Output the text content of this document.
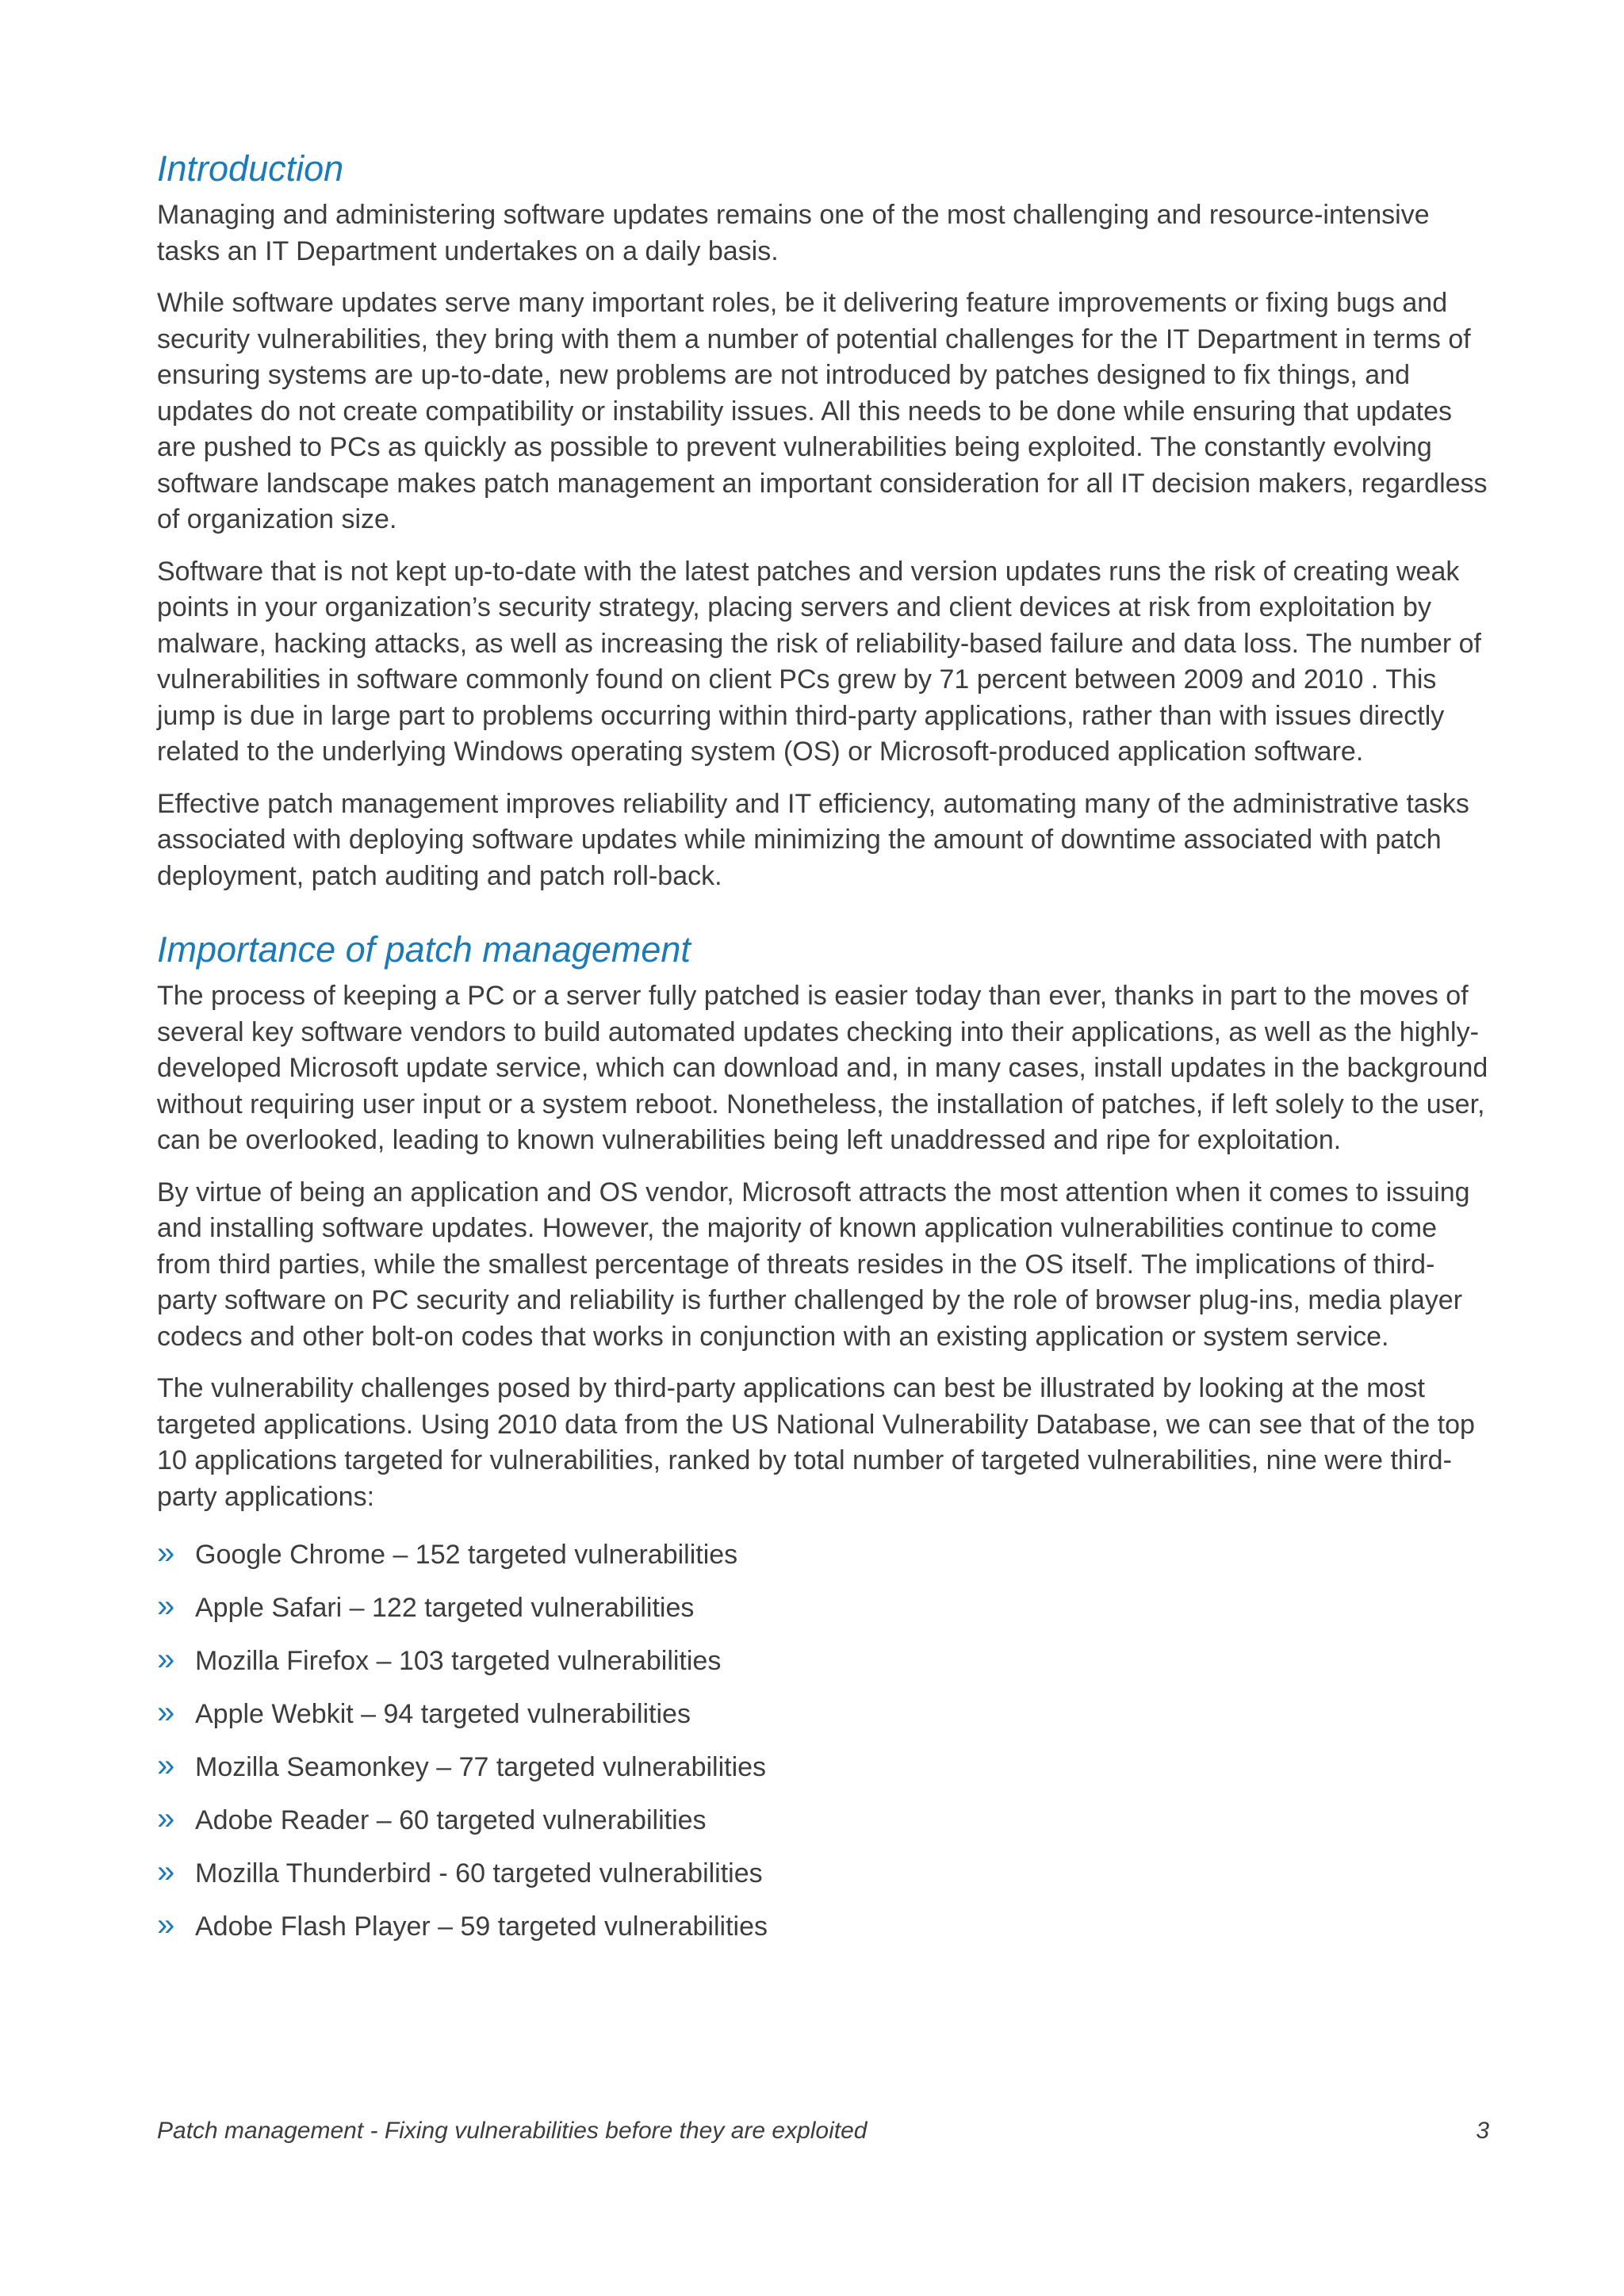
Introduction

Managing and administering software updates remains one of the most challenging and resource-intensive tasks an IT Department undertakes on a daily basis.

While software updates serve many important roles, be it delivering feature improvements or fixing bugs and security vulnerabilities, they bring with them a number of potential challenges for the IT Department in terms of ensuring systems are up-to-date, new problems are not introduced by patches designed to fix things, and updates do not create compatibility or instability issues. All this needs to be done while ensuring that updates are pushed to PCs as quickly as possible to prevent vulnerabilities being exploited. The constantly evolving software landscape makes patch management an important consideration for all IT decision makers, regardless of organization size.

Software that is not kept up-to-date with the latest patches and version updates runs the risk of creating weak points in your organization’s security strategy, placing servers and client devices at risk from exploitation by malware, hacking attacks, as well as increasing the risk of reliability-based failure and data loss. The number of vulnerabilities in software commonly found on client PCs grew by 71 percent between 2009 and 2010 . This jump is due in large part to problems occurring within third-party applications, rather than with issues directly related to the underlying Windows operating system (OS) or Microsoft-produced application software.

Effective patch management improves reliability and IT efficiency, automating many of the administrative tasks associated with deploying software updates while minimizing the amount of downtime associated with patch deployment, patch auditing and patch roll-back.

Importance of patch management

The process of keeping a PC or a server fully patched is easier today than ever, thanks in part to the moves of several key software vendors to build automated updates checking into their applications, as well as the highly-developed Microsoft update service, which can download and, in many cases, install updates in the background without requiring user input or a system reboot. Nonetheless, the installation of patches, if left solely to the user, can be overlooked, leading to known vulnerabilities being left unaddressed and ripe for exploitation.

By virtue of being an application and OS vendor, Microsoft attracts the most attention when it comes to issuing and installing software updates. However, the majority of known application vulnerabilities continue to come from third parties, while the smallest percentage of threats resides in the OS itself. The implications of third-party software on PC security and reliability is further challenged by the role of browser plug-ins, media player codecs and other bolt-on codes that works in conjunction with an existing application or system service.

The vulnerability challenges posed by third-party applications can best be illustrated by looking at the most targeted applications. Using 2010 data from the US National Vulnerability Database, we can see that of the top 10 applications targeted for vulnerabilities, ranked by total number of targeted vulnerabilities, nine were third-party applications:

» Google Chrome – 152 targeted vulnerabilities
» Apple Safari – 122 targeted vulnerabilities
» Mozilla Firefox – 103 targeted vulnerabilities
» Apple Webkit – 94 targeted vulnerabilities
» Mozilla Seamonkey – 77 targeted vulnerabilities
» Adobe Reader – 60 targeted vulnerabilities
» Mozilla Thunderbird - 60 targeted vulnerabilities
» Adobe Flash Player – 59 targeted vulnerabilities
Patch management - Fixing vulnerabilities before they are exploited	3
